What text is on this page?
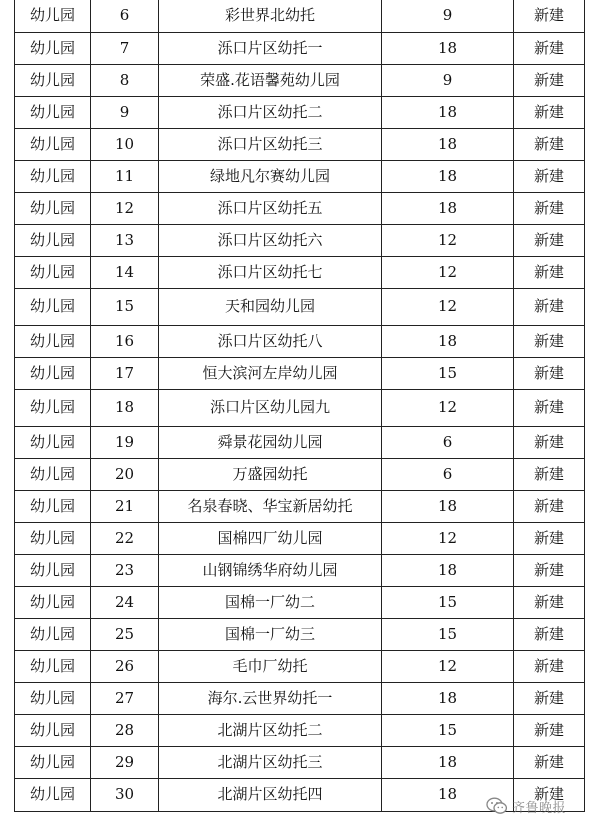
幼儿园	6	彩世界北幼托	9	新建
幼儿园	7	泺口片区幼托一	18	新建
幼儿园	8	荣盛.花语馨苑幼儿园	9	新建
幼儿园	9	泺口片区幼托二	18	新建
幼儿园	10	泺口片区幼托三	18	新建
幼儿园	11	绿地凡尔赛幼儿园	18	新建
幼儿园	12	泺口片区幼托五	18	新建
幼儿园	13	泺口片区幼托六	12	新建
幼儿园	14	泺口片区幼托七	12	新建
幼儿园	15	天和园幼儿园	12	新建
幼儿园	16	泺口片区幼托八	18	新建
幼儿园	17	恒大滨河左岸幼儿园	15	新建
幼儿园	18	泺口片区幼儿园九	12	新建
幼儿园	19	舜景花园幼儿园	6	新建
幼儿园	20	万盛园幼托	6	新建
幼儿园	21	名泉春晓、华宝新居幼托	18	新建
幼儿园	22	国棉四厂幼儿园	12	新建
幼儿园	23	山钢锦绣华府幼儿园	18	新建
幼儿园	24	国棉一厂幼二	15	新建
幼儿园	25	国棉一厂幼三	15	新建
幼儿园	26	毛巾厂幼托	12	新建
幼儿园	27	海尔.云世界幼托一	18	新建
幼儿园	28	北湖片区幼托二	15	新建
幼儿园	29	北湖片区幼托三	18	新建
幼儿园	30	北湖片区幼托四	18	新建
齐鲁晚报
